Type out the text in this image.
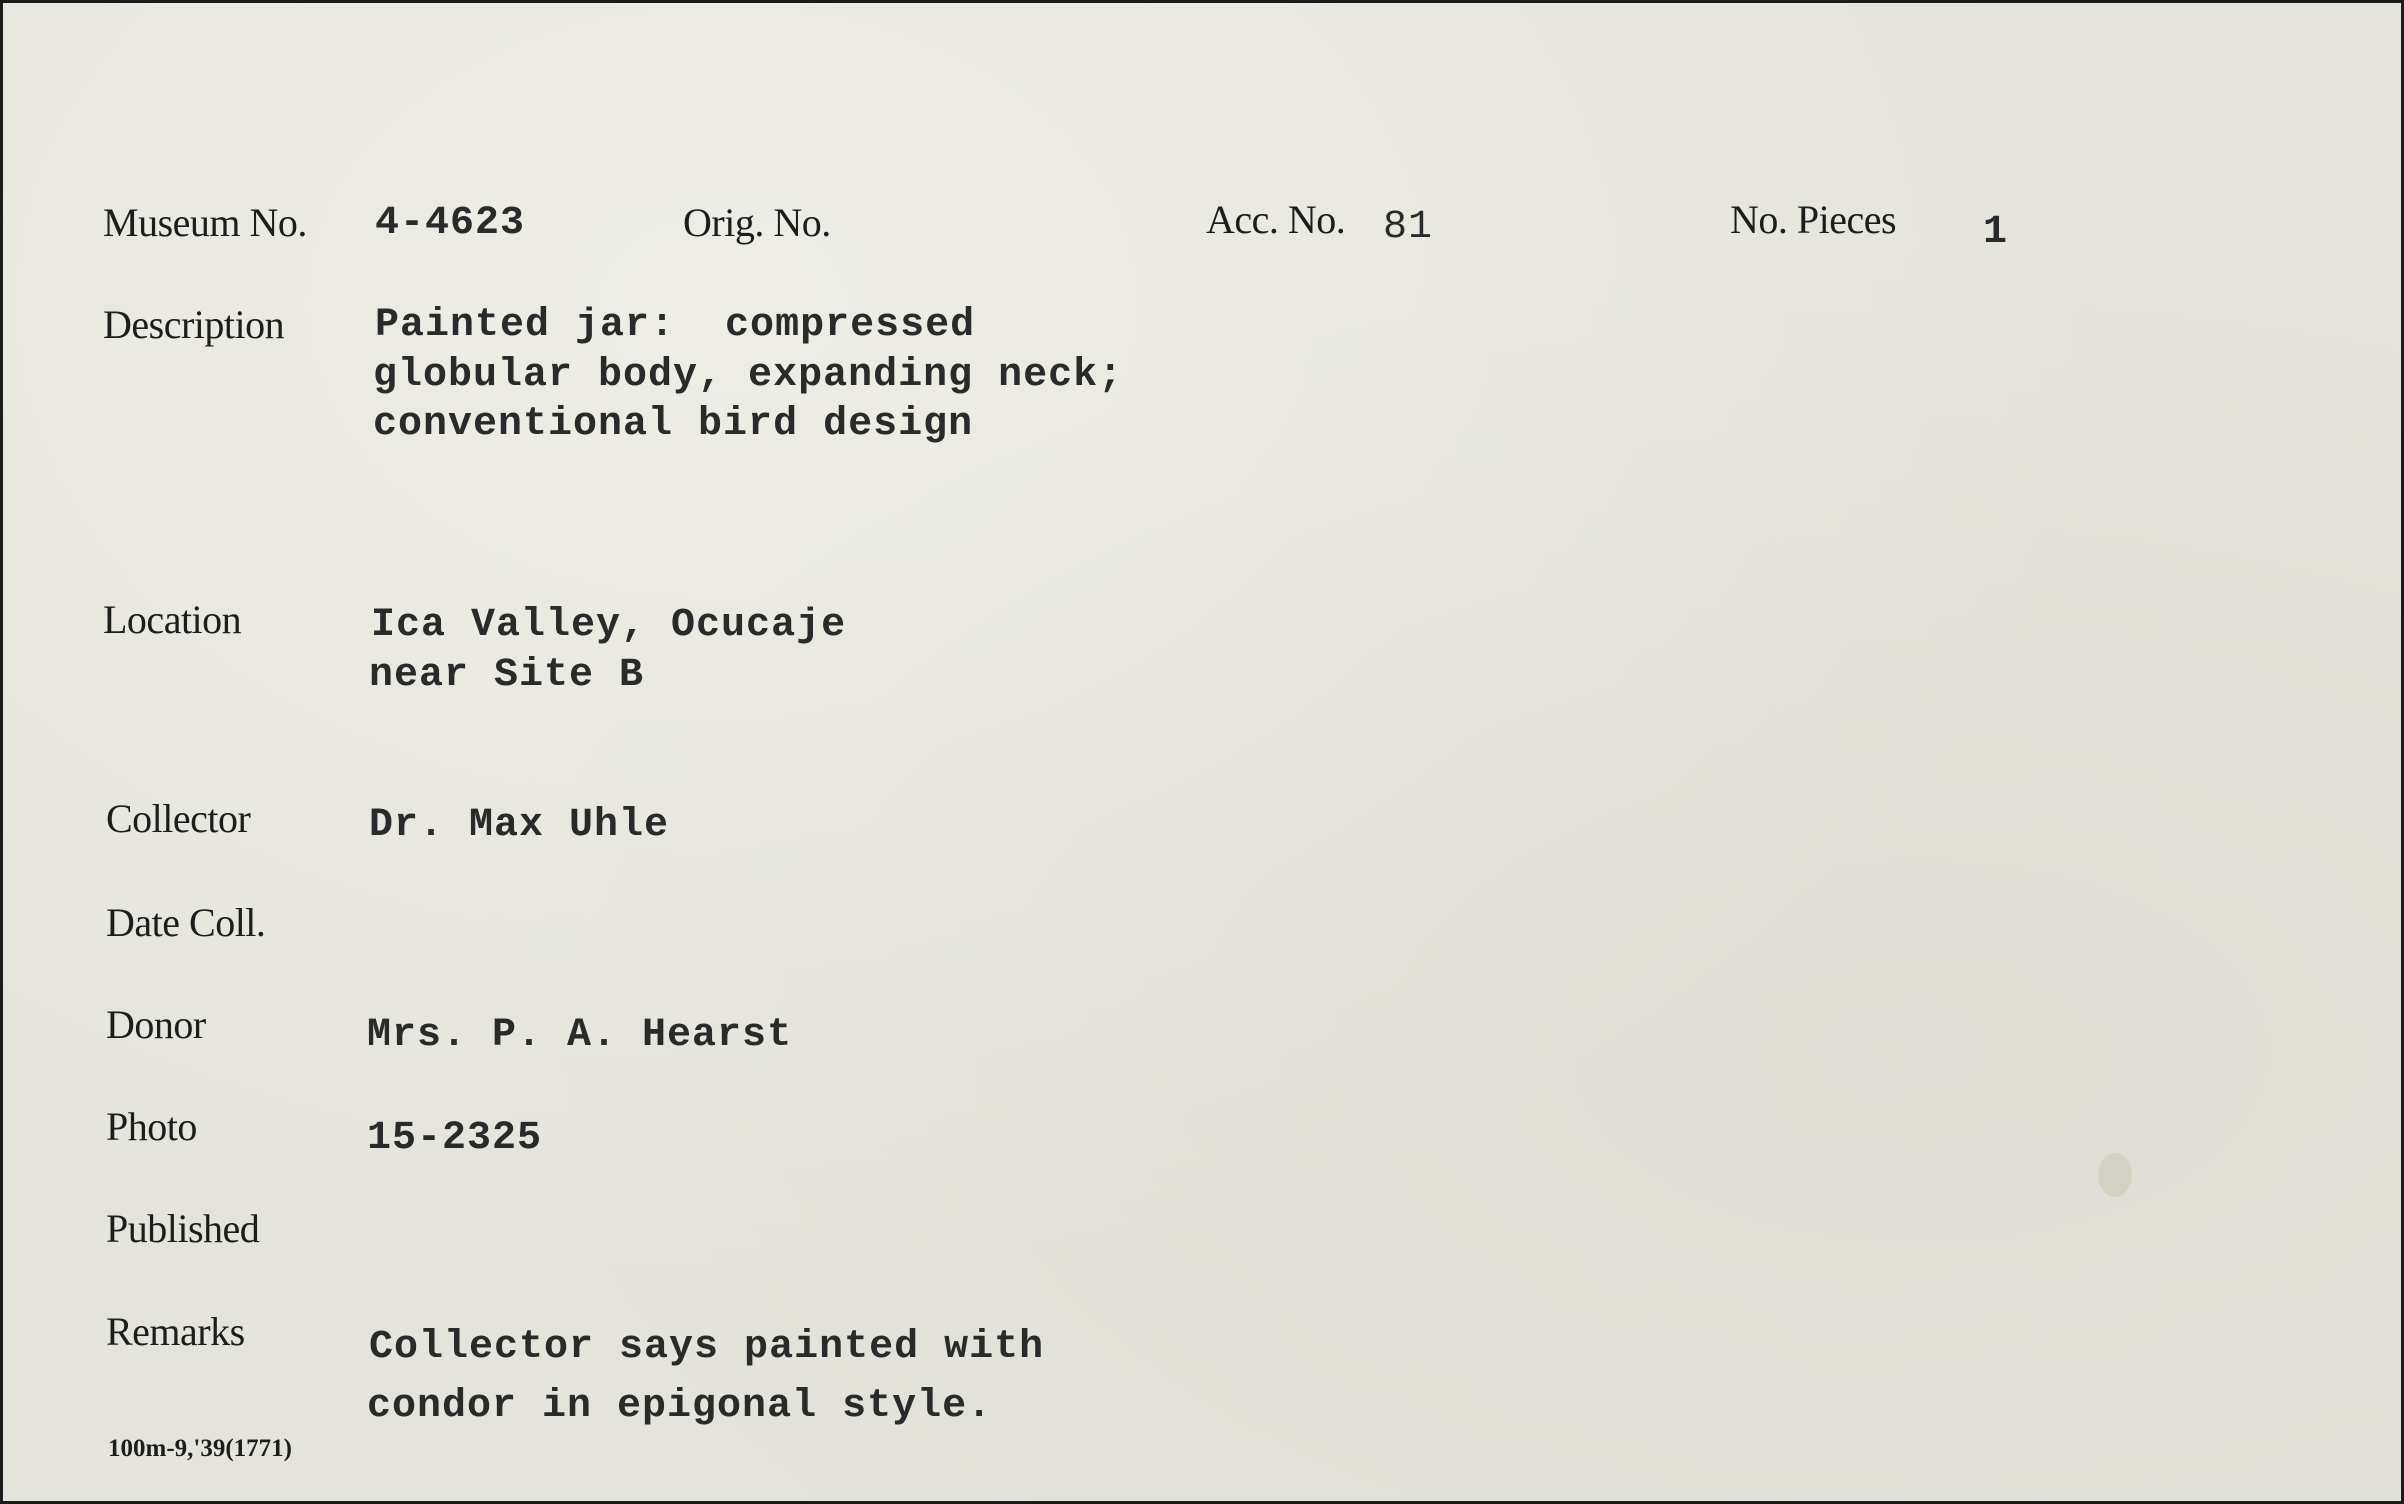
Museum No. 4-4623	Orig. No.	Acc. No. 81	No. Pieces 1
Description Painted jar:  compressed
globular body, expanding neck;
conventional bird design
Location	Ica Valley, Ocucaje
near Site B
Collector	Dr. Max Uhle
Date Coll.
Donor	Mrs. P. A. Hearst
Photo	15-2325
Published
Remarks	Collector says painted with
condor in epigonal style.
100m-9,'39(1771)
